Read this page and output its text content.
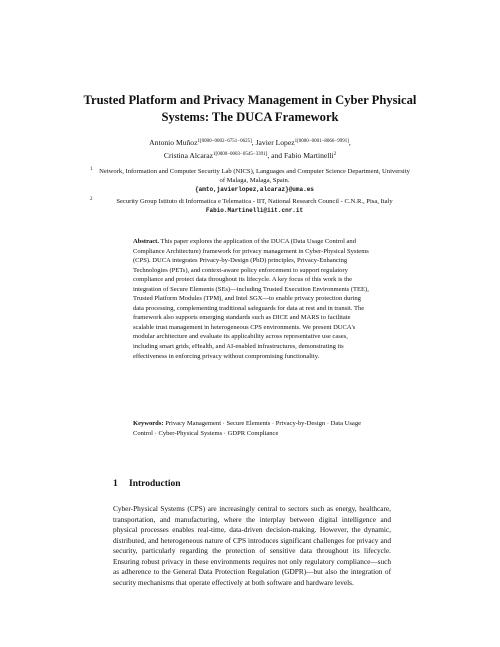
Trusted Platform and Privacy Management in Cyber Physical Systems: The DUCA Framework
Antonio Muñoz$^{1[0000-0002-6751-0625]}$, Javier Lopez$^{1[0000-0001-8066-9991]}$,
Cristina Alcaraz$^{1[0000-0003-0545-3391]}$, and Fabio Martinelli$^2$
1 Network, Information and Computer Security Lab (NICS), Languages and Computer Science Department, University of Malaga, Malaga, Spain.
{amto,javierlopez,alcaraz}@uma.es
2	Security Group Istituto di Informatica e Telematica - IIT, National Research Council - C.N.R., Pisa, Italy Fabio.Martinelli@iit.cnr.it
Abstract. This paper explores the application of the DUCA (Data Usage Control and Compliance Architecture) framework for privacy management in Cyber-Physical Systems (CPS). DUCA integrates Privacy-by-Design (PbD) principles, Privacy-Enhancing Technologies (PETs), and context-aware policy enforcement to support regulatory compliance and protect data throughout its lifecycle. A key focus of this work is the integration of Secure Elements (SEs)—including Trusted Execution Environments (TEE), Trusted Platform Modules (TPM), and Intel SGX—to enable privacy protection during data processing, complementing traditional safeguards for data at rest and in transit. The framework also supports emerging standards such as DICE and MARS to facilitate scalable trust management in heterogeneous CPS environments. We present DUCA's modular architecture and evaluate its applicability across representative use cases, including smart grids, eHealth, and AI-enabled infrastructures, demonstrating its effectiveness in enforcing privacy without compromising functionality.
Keywords: Privacy Management · Secure Elements · Privacy-by-Design · Data Usage Control · Cyber-Physical Systems · GDPR Compliance
1 Introduction
Cyber-Physical Systems (CPS) are increasingly central to sectors such as energy, healthcare, transportation, and manufacturing, where the interplay between digital intelligence and physical processes enables real-time, data-driven decision-making. However, the dynamic, distributed, and heterogeneous nature of CPS introduces significant challenges for privacy and security, particularly regarding the protection of sensitive data throughout its lifecycle. Ensuring robust privacy in these environments requires not only regulatory compliance—such as adherence to the General Data Protection Regulation (GDPR)—but also the integration of security mechanisms that operate effectively at both software and hardware levels.
